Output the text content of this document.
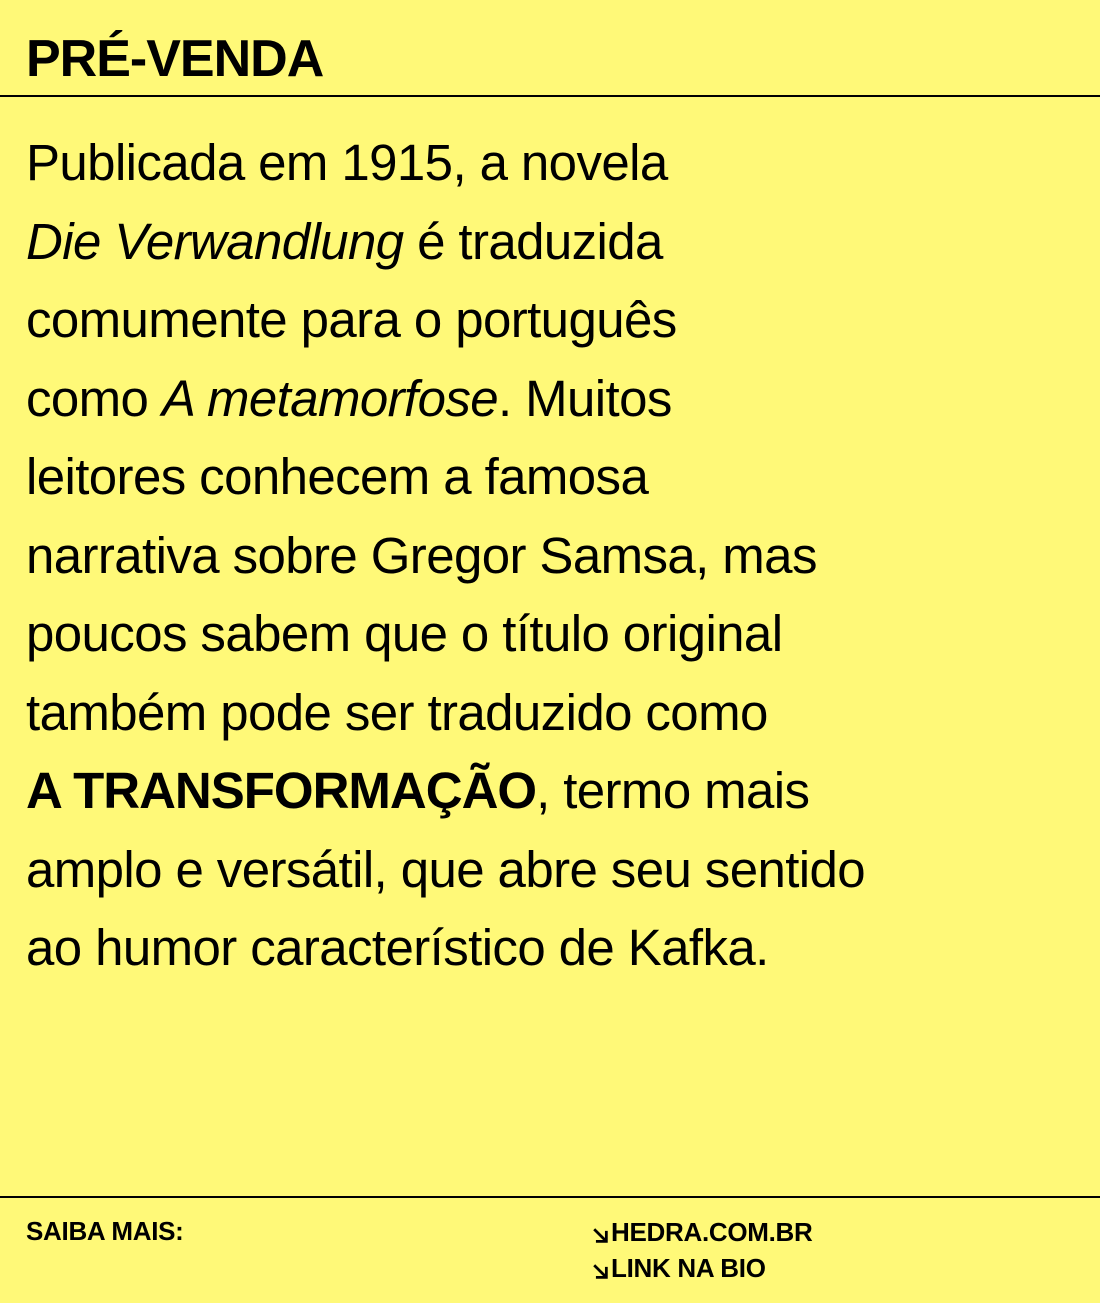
PRÉ-VENDA

Publicada em 1915, a novela
Die Verwandlung é traduzida
comumente para o português
como A metamorfose. Muitos
leitores conhecem a famosa
narrativa sobre Gregor Samsa, mas
poucos sabem que o título original
também pode ser traduzido como
A TRANSFORMAÇÃO, termo mais
amplo e versátil, que abre seu sentido
ao humor característico de Kafka.

SAIBA MAIS:	HEDRA.COM.BR
LINK NA BIO
